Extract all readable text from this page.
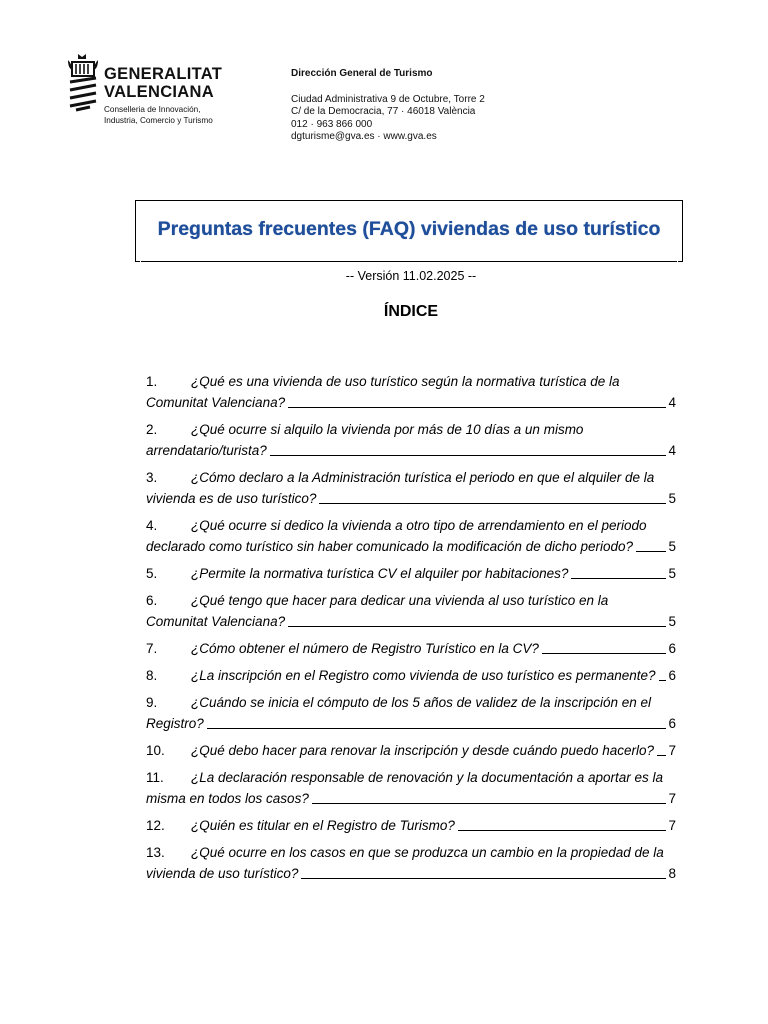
GENERALITAT
VALENCIANA
Conselleria de Innovación,
Industria, Comercio y Turismo
Dirección General de Turismo
Ciudad Administrativa 9 de Octubre, Torre 2
C/ de la Democracia, 77 · 46018 València
012 · 963 866 000
dgturisme@gva.es · www.gva.es
Preguntas frecuentes (FAQ) viviendas de uso turístico
-- Versión 11.02.2025 --
ÍNDICE
1.	¿Qué es una vivienda de uso turístico según la normativa turística de la
Comunitat Valenciana?	4
2.	¿Qué ocurre si alquilo la vivienda por más de 10 días a un mismo
arrendatario/turista?	4
3.	¿Cómo declaro a la Administración turística el periodo en que el alquiler de la
vivienda es de uso turístico?	5
4.	¿Qué ocurre si dedico la vivienda a otro tipo de arrendamiento en el periodo
declarado como turístico sin haber comunicado la modificación de dicho periodo?	5
5.	¿Permite la normativa turística CV el alquiler por habitaciones?	5
6.	¿Qué tengo que hacer para dedicar una vivienda al uso turístico en la
Comunitat Valenciana?	5
7.	¿Cómo obtener el número de Registro Turístico en la CV?	6
8.	¿La inscripción en el Registro como vivienda de uso turístico es permanente? 6
9.	¿Cuándo se inicia el cómputo de los 5 años de validez de la inscripción en el
Registro?	6
10.	¿Qué debo hacer para renovar la inscripción y desde cuándo puedo hacerlo? 7
11.	¿La declaración responsable de renovación y la documentación a aportar es la
misma en todos los casos?	7
12.	¿Quién es titular en el Registro de Turismo?	7
13.	¿Qué ocurre en los casos en que se produzca un cambio en la propiedad de la
vivienda de uso turístico?	8
